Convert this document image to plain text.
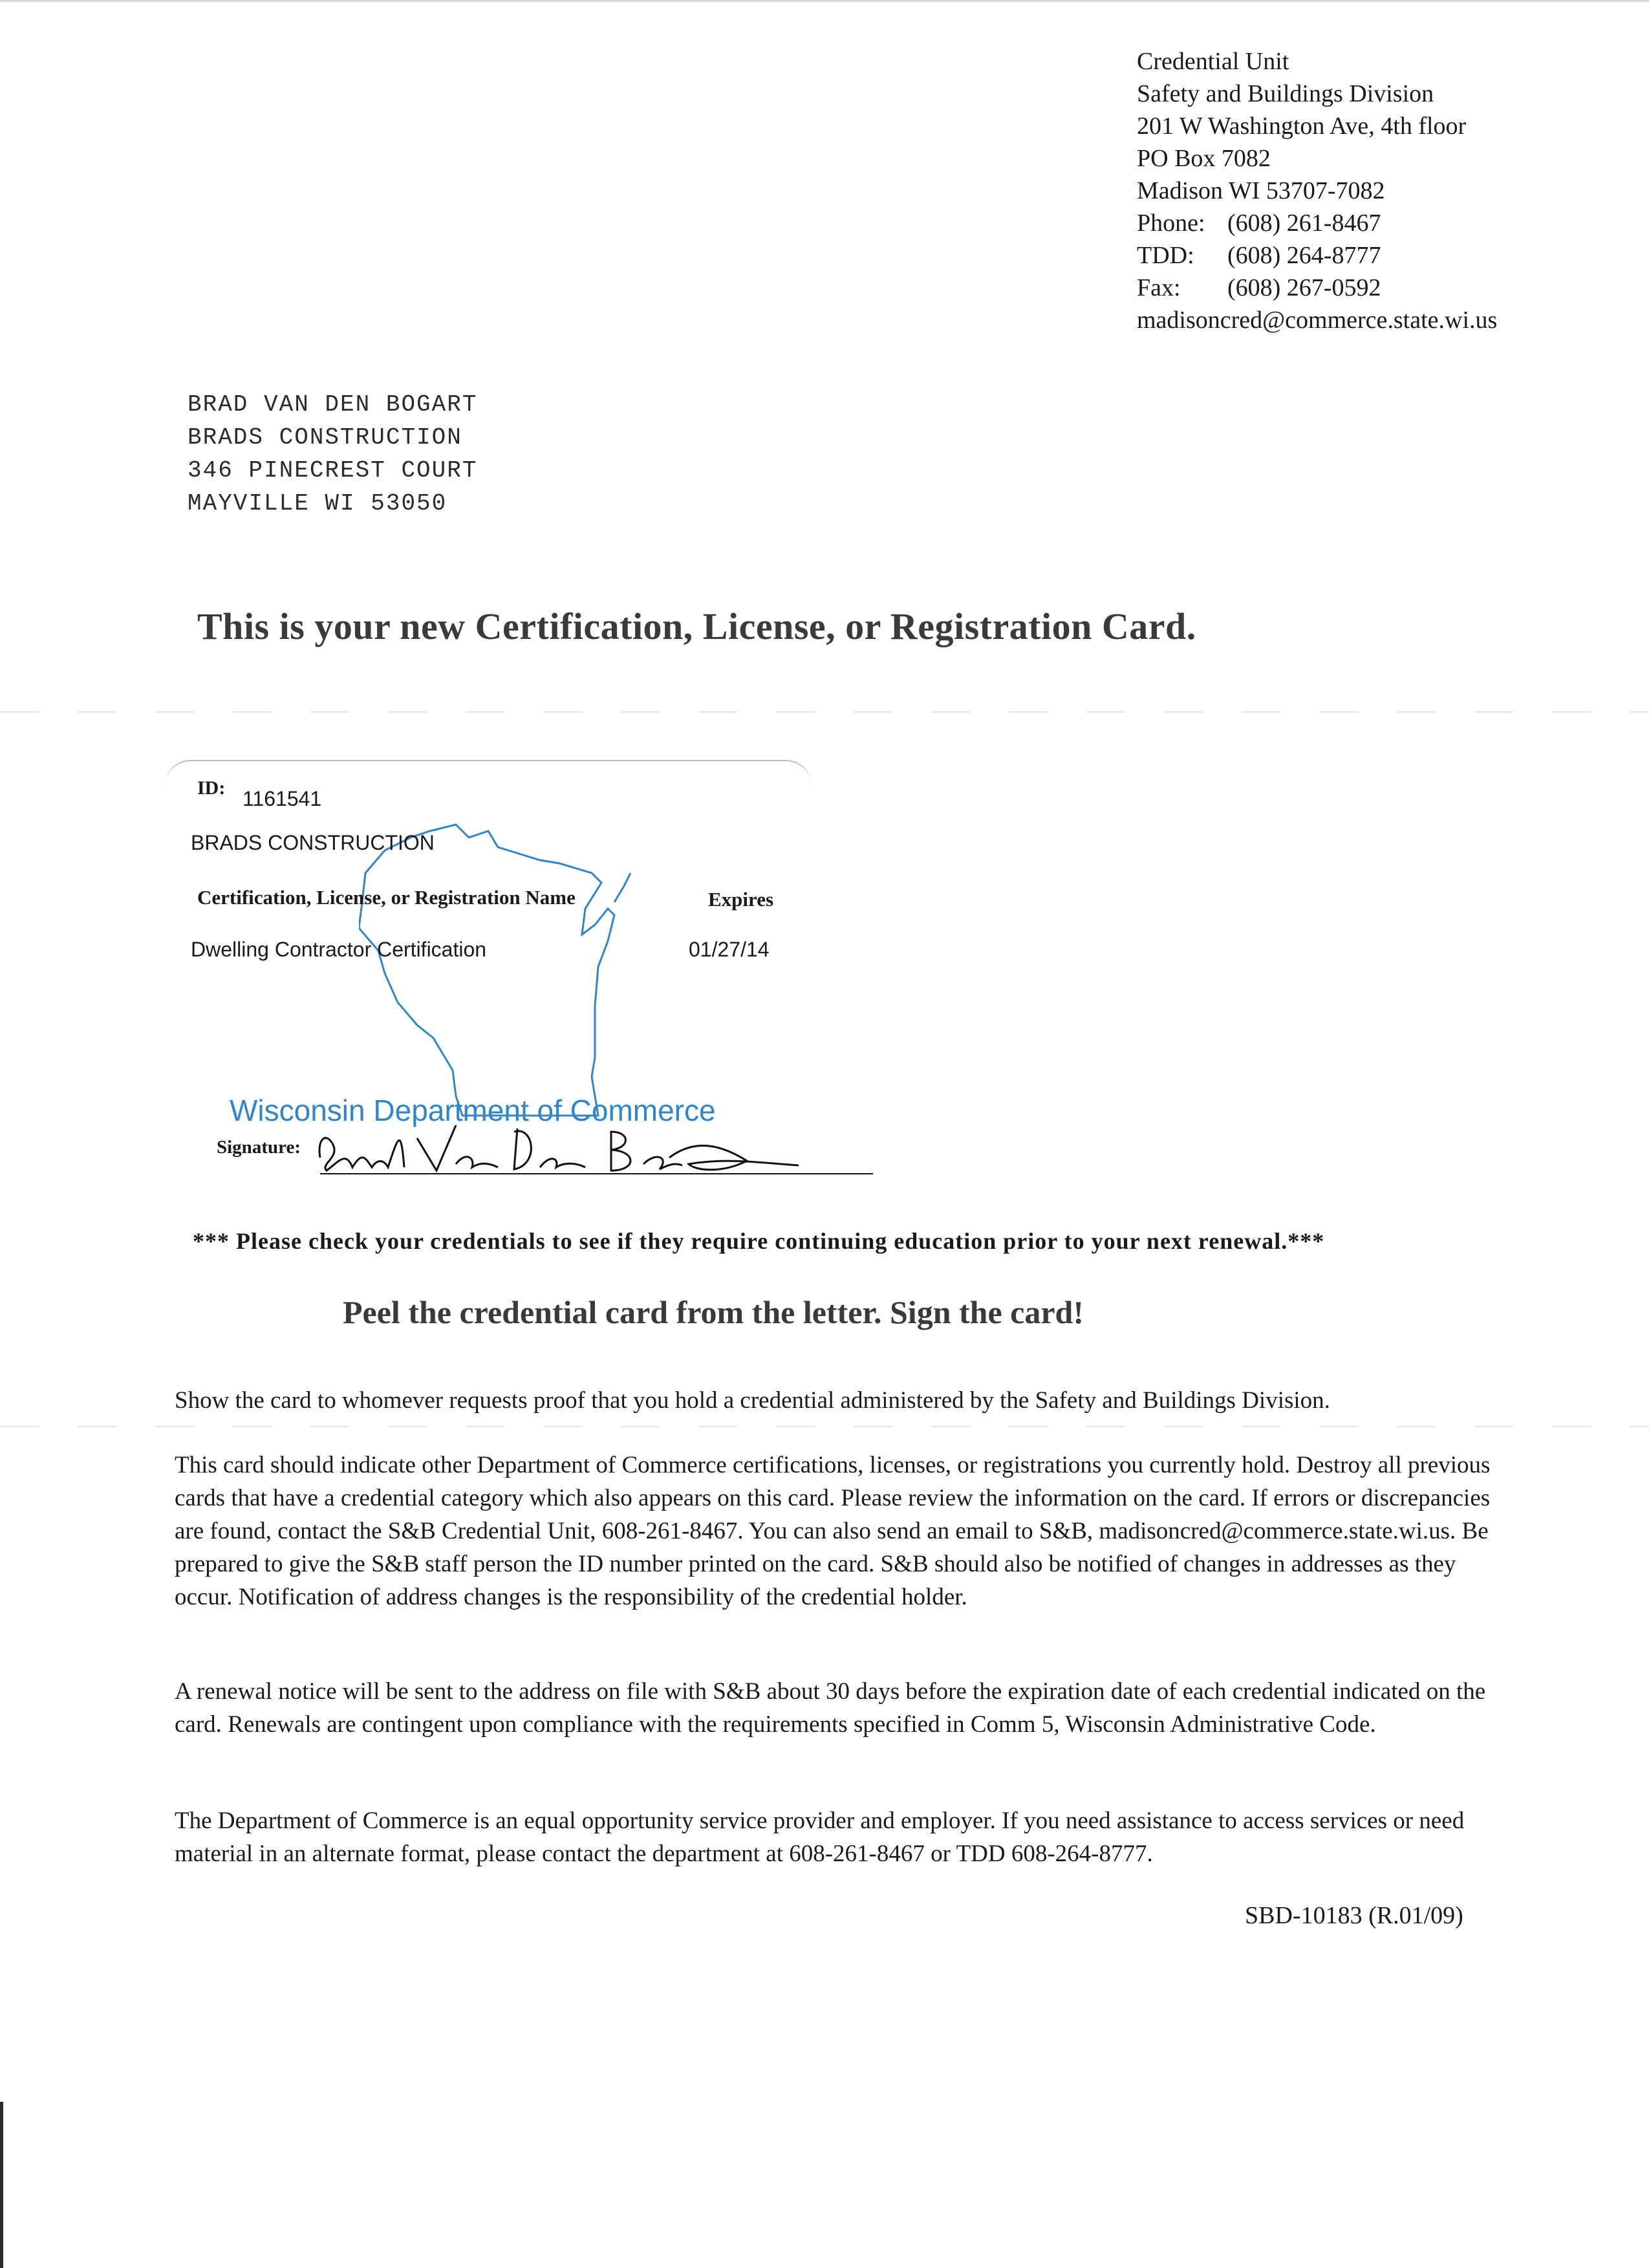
Credential Unit
Safety and Buildings Division
201 W Washington Ave, 4th floor
PO Box 7082
Madison WI 53707-7082
Phone: (608) 261-8467
TDD: (608) 264-8777
Fax: (608) 267-0592
madisoncred@commerce.state.wi.us
BRAD VAN DEN BOGART
BRADS CONSTRUCTION
346 PINECREST COURT
MAYVILLE WI 53050
This is your new Certification, License, or Registration Card.
ID: 1161541
BRADS CONSTRUCTION
Certification, License, or Registration Name	Expires
Dwelling Contractor Certification	01/27/14
Wisconsin Department of Commerce
Signature:
*** Please check your credentials to see if they require continuing education prior to your next renewal.***
Peel the credential card from the letter. Sign the card!
Show the card to whomever requests proof that you hold a credential administered by the Safety and Buildings Division.
This card should indicate other Department of Commerce certifications, licenses, or registrations you currently hold. Destroy all previous cards that have a credential category which also appears on this card. Please review the information on the card. If errors or discrepancies are found, contact the S&B Credential Unit, 608-261-8467. You can also send an email to S&B, madisoncred@commerce.state.wi.us. Be prepared to give the S&B staff person the ID number printed on the card. S&B should also be notified of changes in addresses as they occur. Notification of address changes is the responsibility of the credential holder.
A renewal notice will be sent to the address on file with S&B about 30 days before the expiration date of each credential indicated on the card. Renewals are contingent upon compliance with the requirements specified in Comm 5, Wisconsin Administrative Code.
The Department of Commerce is an equal opportunity service provider and employer. If you need assistance to access services or need material in an alternate format, please contact the department at 608-261-8467 or TDD 608-264-8777.
SBD-10183 (R.01/09)
